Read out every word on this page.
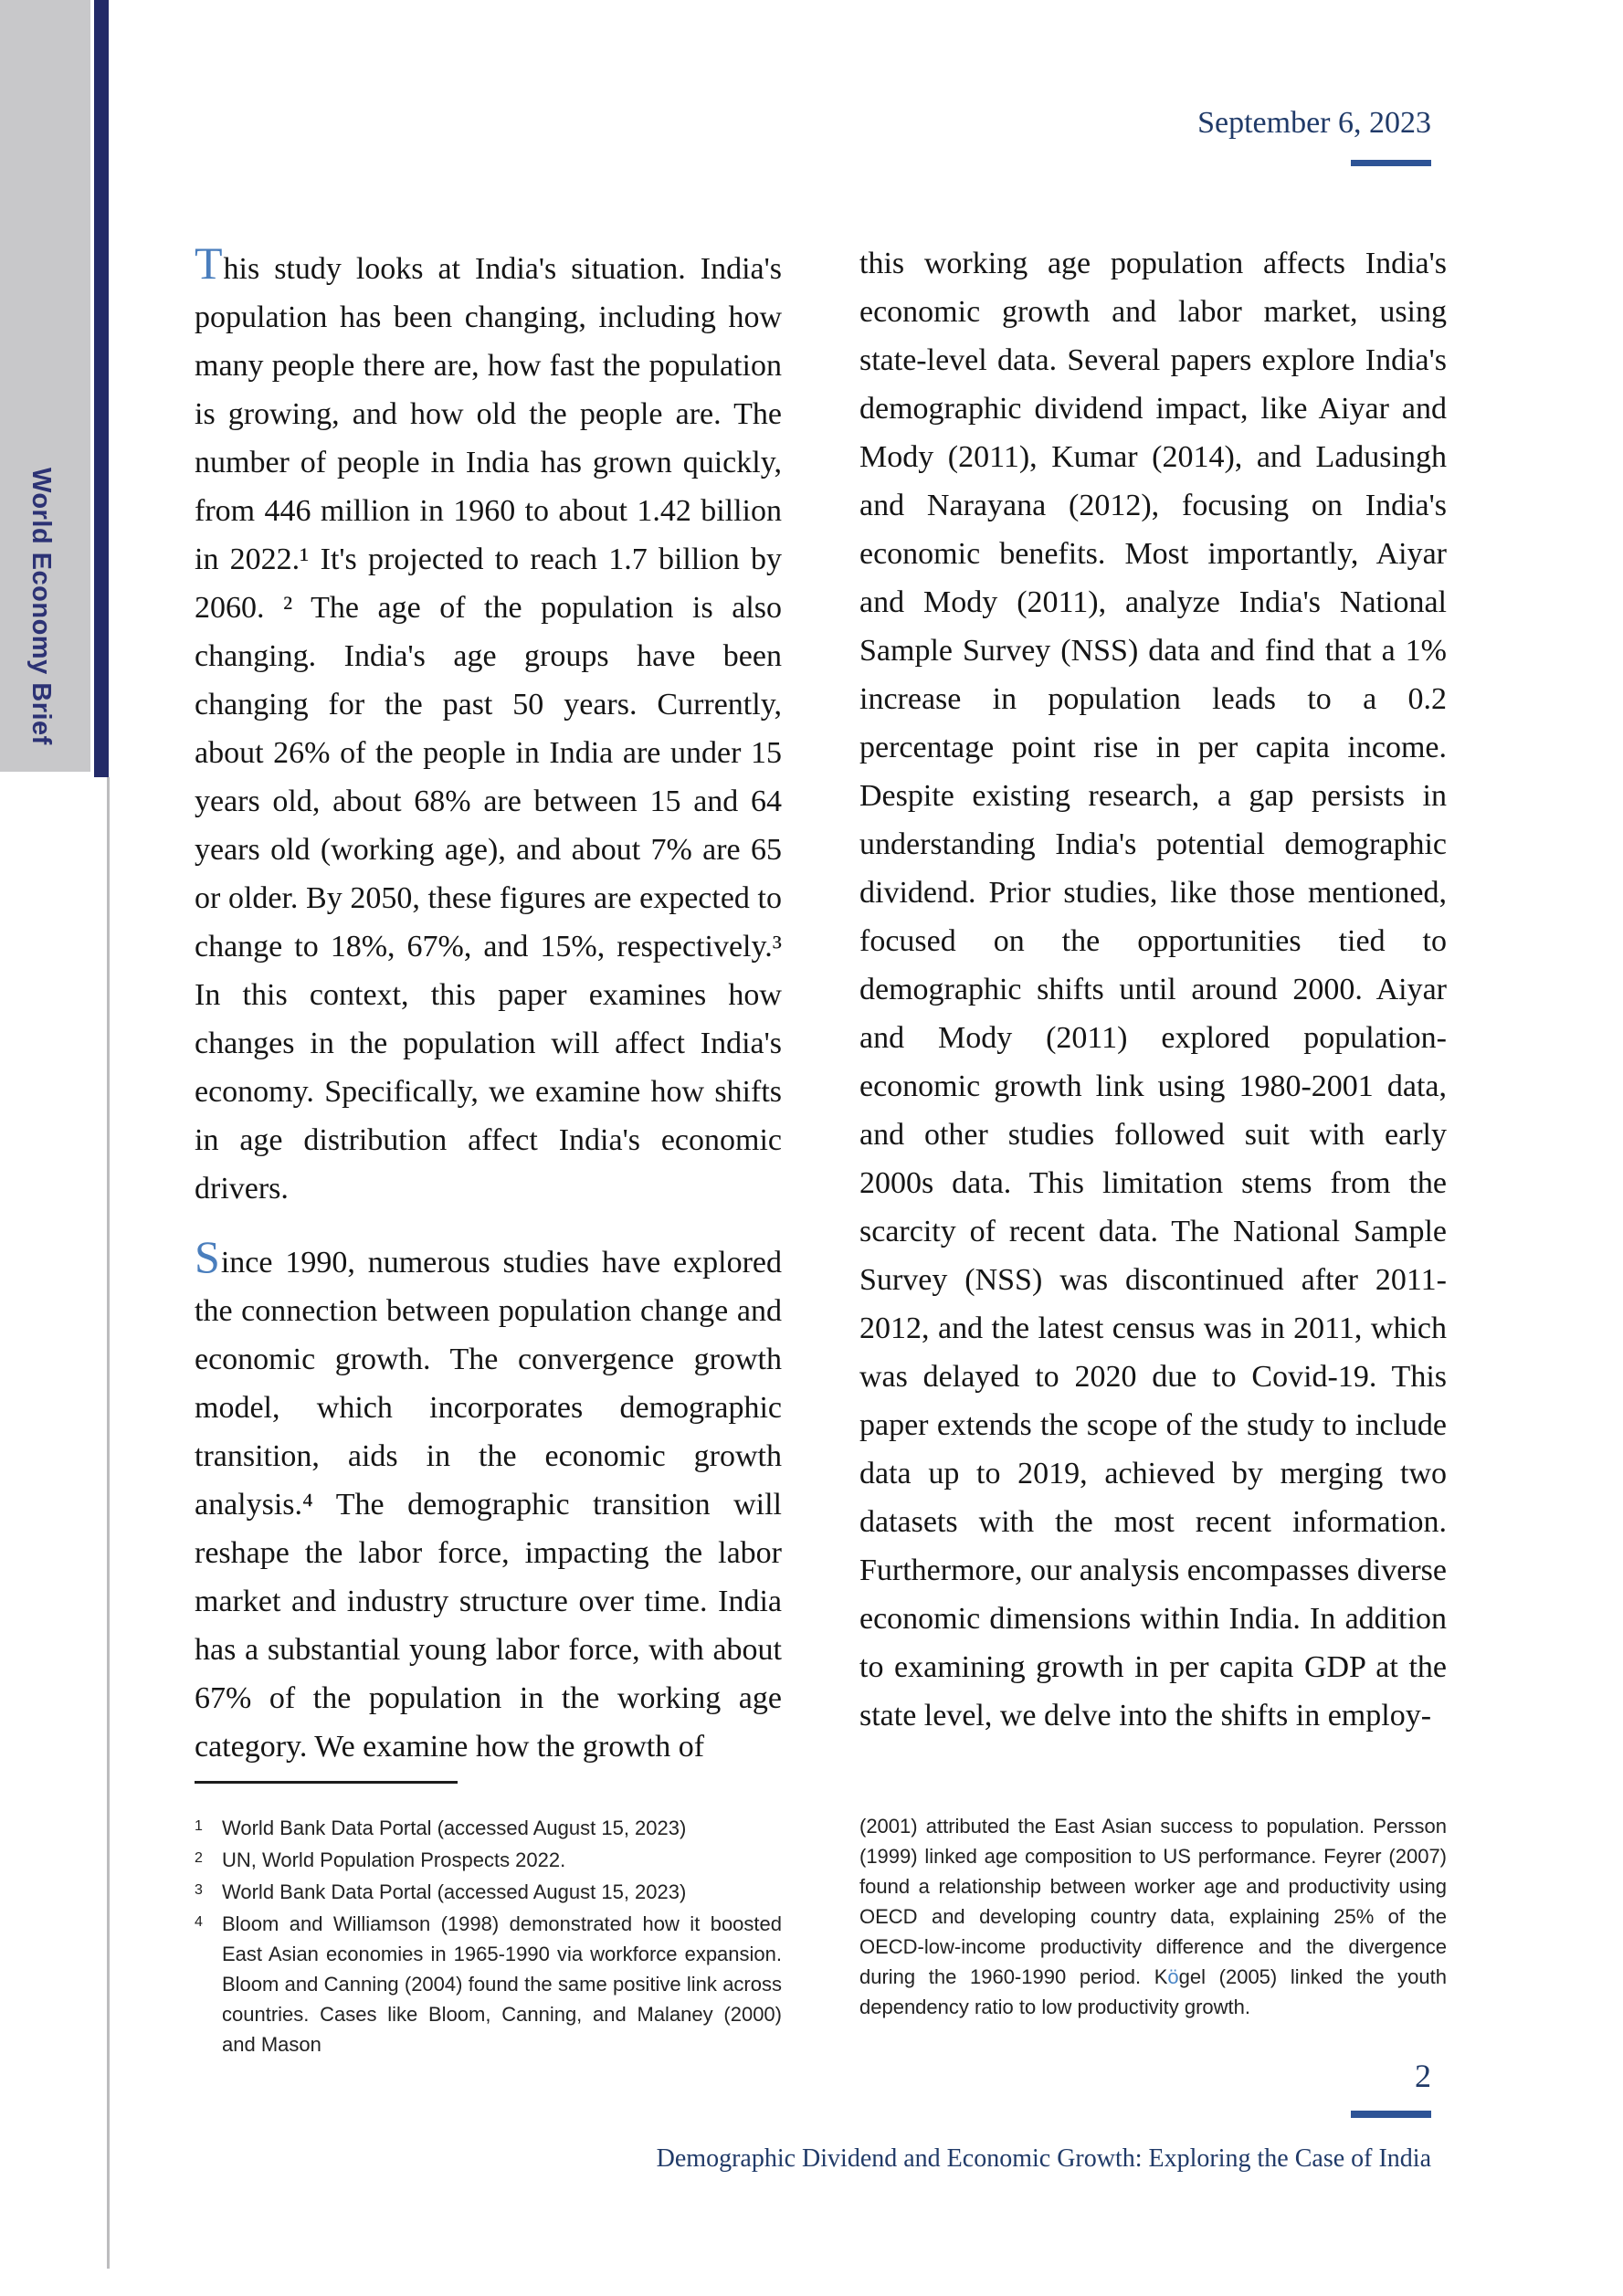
World Economy Brief
September 6, 2023

This study looks at India's situation. India's population has been changing, including how many people there are, how fast the population is growing, and how old the people are. The number of people in India has grown quickly, from 446 million in 1960 to about 1.42 billion in 2022.¹ It's projected to reach 1.7 billion by 2060. ² The age of the population is also changing. India's age groups have been changing for the past 50 years. Currently, about 26% of the people in India are under 15 years old, about 68% are between 15 and 64 years old (working age), and about 7% are 65 or older. By 2050, these figures are expected to change to 18%, 67%, and 15%, respectively.³ In this context, this paper examines how changes in the population will affect India's economy. Specifically, we examine how shifts in age distribution affect India's economic drivers.

Since 1990, numerous studies have explored the connection between population change and economic growth. The convergence growth model, which incorporates demographic transition, aids in the economic growth analysis.⁴ The demographic transition will reshape the labor force, impacting the labor market and industry structure over time. India has a substantial young labor force, with about 67% of the population in the working age category. We examine how the growth of

this working age population affects India's economic growth and labor market, using state-level data. Several papers explore India's demographic dividend impact, like Aiyar and Mody (2011), Kumar (2014), and Ladusingh and Narayana (2012), focusing on India's economic benefits. Most importantly, Aiyar and Mody (2011), analyze India's National Sample Survey (NSS) data and find that a 1% increase in population leads to a 0.2 percentage point rise in per capita income. Despite existing research, a gap persists in understanding India's potential demographic dividend. Prior studies, like those mentioned, focused on the opportunities tied to demographic shifts until around 2000. Aiyar and Mody (2011) explored population-economic growth link using 1980-2001 data, and other studies followed suit with early 2000s data. This limitation stems from the scarcity of recent data. The National Sample Survey (NSS) was discontinued after 2011-2012, and the latest census was in 2011, which was delayed to 2020 due to Covid-19. This paper extends the scope of the study to include data up to 2019, achieved by merging two datasets with the most recent information. Furthermore, our analysis encompasses diverse economic dimensions within India. In addition to examining growth in per capita GDP at the state level, we delve into the shifts in employ-

1 World Bank Data Portal (accessed August 15, 2023)
2 UN, World Population Prospects 2022.
3 World Bank Data Portal (accessed August 15, 2023)
4 Bloom and Williamson (1998) demonstrated how it boosted East Asian economies in 1965-1990 via workforce expansion. Bloom and Canning (2004) found the same positive link across countries. Cases like Bloom, Canning, and Malaney (2000) and Mason
(2001) attributed the East Asian success to population. Persson (1999) linked age composition to US performance. Feyrer (2007) found a relationship between worker age and productivity using OECD and developing country data, explaining 25% of the OECD-low-income productivity difference and the divergence during the 1960-1990 period. Kögel (2005) linked the youth dependency ratio to low productivity growth.
2
Demographic Dividend and Economic Growth: Exploring the Case of India
